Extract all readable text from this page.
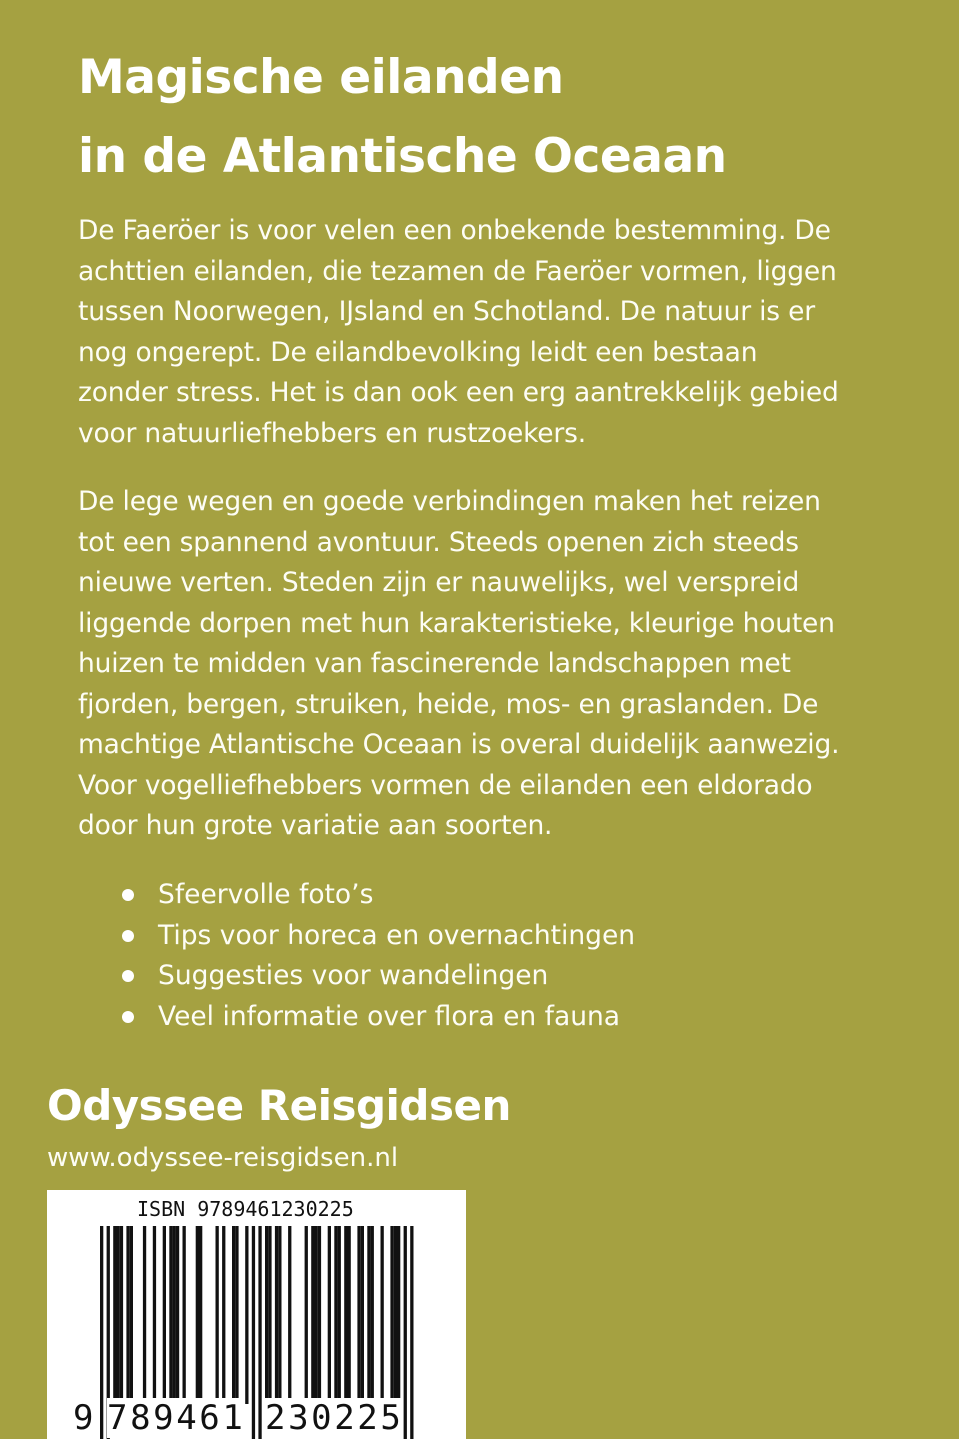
Magische eilanden
in de Atlantische Oceaan
De Faeröer is voor velen een onbekende bestemming. De
achttien eilanden, die tezamen de Faeröer vormen, liggen
tussen Noorwegen, IJsland en Schotland. De natuur is er
nog ongerept. De eilandbevolking leidt een bestaan
zonder stress. Het is dan ook een erg aantrekkelijk gebied
voor natuurliefhebbers en rustzoekers.
De lege wegen en goede verbindingen maken het reizen
tot een spannend avontuur. Steeds openen zich steeds
nieuwe verten. Steden zijn er nauwelijks, wel verspreid
liggende dorpen met hun karakteristieke, kleurige houten
huizen te midden van fascinerende landschappen met
fjorden, bergen, struiken, heide, mos- en graslanden. De
machtige Atlantische Oceaan is overal duidelijk aanwezig.
Voor vogelliefhebbers vormen de eilanden een eldorado
door hun grote variatie aan soorten.
Sfeervolle foto’s
Tips voor horeca en overnachtingen
Suggesties voor wandelingen
Veel informatie over flora en fauna
Odyssee Reisgidsen
www.odyssee-reisgidsen.nl
ISBN 9789461230225
9 789461 230225
